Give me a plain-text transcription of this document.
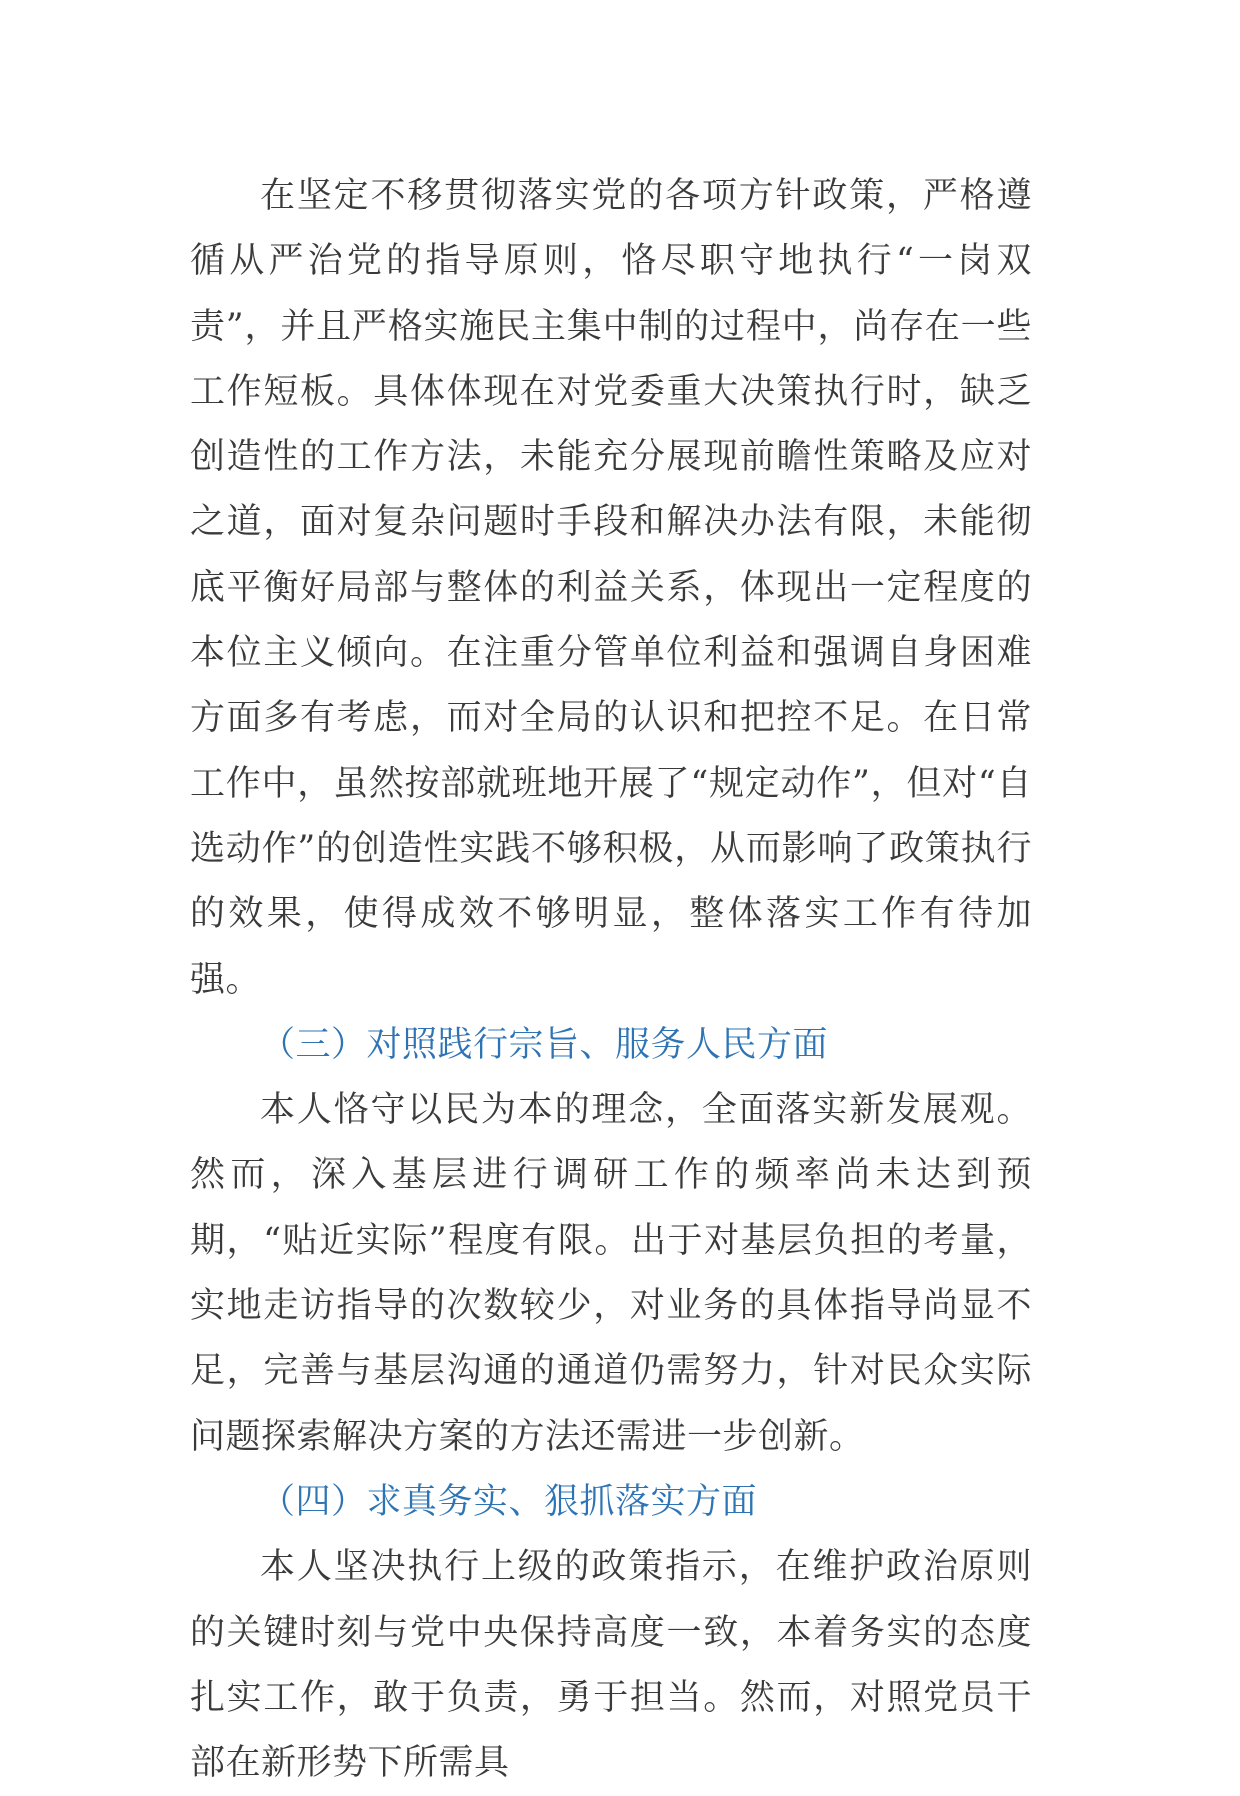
在坚定不移贯彻落实党的各项方针政策，严格遵循从严治党的指导原则，恪尽职守地执行“一岗双责”，并且严格实施民主集中制的过程中，尚存在一些工作短板。具体体现在对党委重大决策执行时，缺乏创造性的工作方法，未能充分展现前瞻性策略及应对之道，面对复杂问题时手段和解决办法有限，未能彻底平衡好局部与整体的利益关系，体现出一定程度的本位主义倾向。在注重分管单位利益和强调自身困难方面多有考虑，而对全局的认识和把控不足。在日常工作中，虽然按部就班地开展了“规定动作”，但对“自选动作”的创造性实践不够积极，从而影响了政策执行的效果，使得成效不够明显，整体落实工作有待加强。

（三）对照践行宗旨、服务人民方面

本人恪守以民为本的理念，全面落实新发展观。然而，深入基层进行调研工作的频率尚未达到预期，“贴近实际”程度有限。出于对基层负担的考量，实地走访指导的次数较少，对业务的具体指导尚显不足，完善与基层沟通的通道仍需努力，针对民众实际问题探索解决方案的方法还需进一步创新。

（四）求真务实、狠抓落实方面

本人坚决执行上级的政策指示，在维护政治原则的关键时刻与党中央保持高度一致，本着务实的态度扎实工作，敢于负责，勇于担当。然而，对照党员干部在新形势下所需具
